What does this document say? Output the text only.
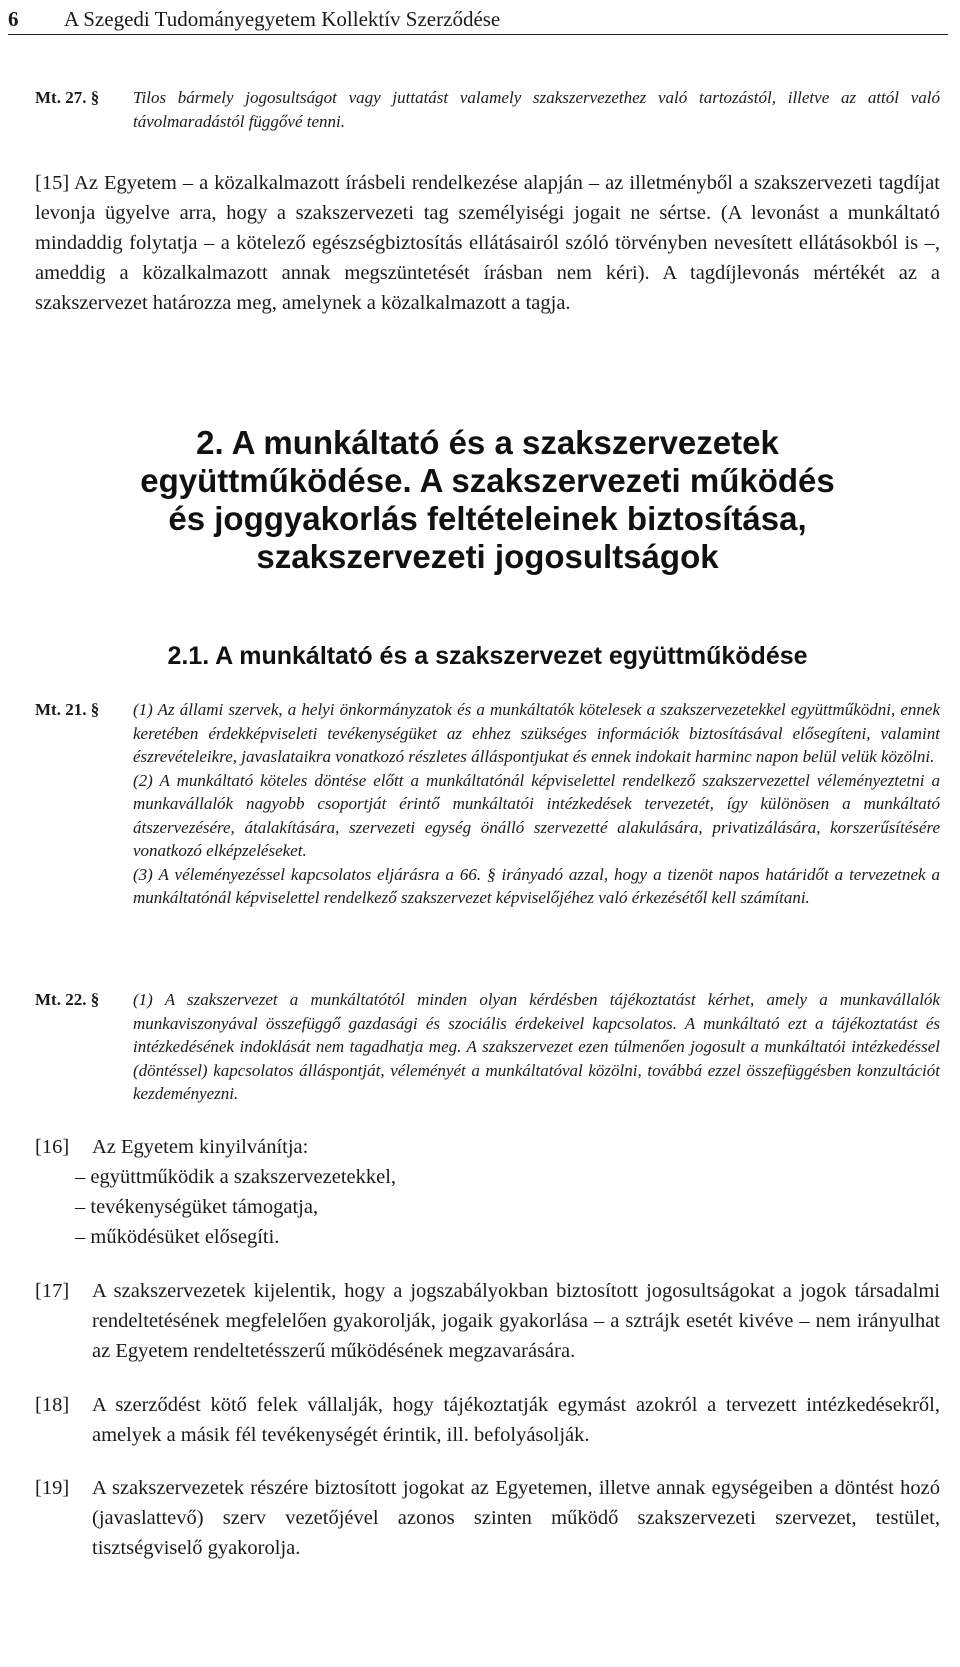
6 A Szegedi Tudományegyetem Kollektív Szerződése
Mt. 27. § Tilos bármely jogosultságot vagy juttatást valamely szakszervezethez való tartozástól, illetve az attól való távolmaradástól függővé tenni.
[15] Az Egyetem – a közalkalmazott írásbeli rendelkezése alapján – az illetményből a szakszervezeti tagdíjat levonja ügyelve arra, hogy a szakszervezeti tag személyiségi jogait ne sértse. (A levonást a munkáltató mindaddig folytatja – a kötelező egészségbiztosítás ellátásairól szóló törvényben nevesített ellátásokból is –, ameddig a közalkalmazott annak megszüntetését írásban nem kéri). A tagdíjlevonás mértékét az a szakszervezet határozza meg, amelynek a közalkalmazott a tagja.
2. A munkáltató és a szakszervezetek
együttműködése. A szakszervezeti működés
és joggyakorlás feltételeinek biztosítása,
szakszervezeti jogosultságok
2.1. A munkáltató és a szakszervezet együttműködése
Mt. 21. § (1) Az állami szervek, a helyi önkormányzatok és a munkáltatók kötelesek a szakszervezetekkel együttműködni, ennek keretében érdekképviseleti tevékenységüket az ehhez szükséges információk biztosításával elősegíteni, valamint észrevételeikre, javaslataikra vonatkozó részletes álláspontjukat és ennek indokait harminc napon belül velük közölni.
(2) A munkáltató köteles döntése előtt a munkáltatónál képviselettel rendelkező szakszervezettel véleményeztetni a munkavállalók nagyobb csoportját érintő munkáltatói intézkedések tervezetét, így különösen a munkáltató átszervezésére, átalakítására, szervezeti egység önálló szervezetté alakulására, privatizálására, korszerűsítésére vonatkozó elképzeléseket.
(3) A véleményezéssel kapcsolatos eljárásra a 66. § irányadó azzal, hogy a tizenöt napos határidőt a tervezetnek a munkáltatónál képviselettel rendelkező szakszervezet képviselőjéhez való érkezésétől kell számítani.
Mt. 22. § (1) A szakszervezet a munkáltatótól minden olyan kérdésben tájékoztatást kérhet, amely a munkavállalók munkaviszonyával összefüggő gazdasági és szociális érdekeivel kapcsolatos. A munkáltató ezt a tájékoztatást és intézkedésének indoklását nem tagadhatja meg. A szakszervezet ezen túlmenően jogosult a munkáltatói intézkedéssel (döntéssel) kapcsolatos álláspontját, véleményét a munkáltatóval közölni, továbbá ezzel összefüggésben konzultációt kezdeményezni.
[16] Az Egyetem kinyilvánítja:
– együttműködik a szakszervezetekkel,
– tevékenységüket támogatja,
– működésüket elősegíti.
[17] A szakszervezetek kijelentik, hogy a jogszabályokban biztosított jogosultságokat a jogok társadalmi rendeltetésének megfelelően gyakorolják, jogaik gyakorlása – a sztrájk esetét kivéve – nem irányulhat az Egyetem rendeltetésszerű működésének megzavarására.
[18] A szerződést kötő felek vállalják, hogy tájékoztatják egymást azokról a tervezett intézkedésekről, amelyek a másik fél tevékenységét érintik, ill. befolyásolják.
[19] A szakszervezetek részére biztosított jogokat az Egyetemen, illetve annak egységeiben a döntést hozó (javaslattevő) szerv vezetőjével azonos szinten működő szakszervezeti szervezet, testület, tisztségviselő gyakorolja.
